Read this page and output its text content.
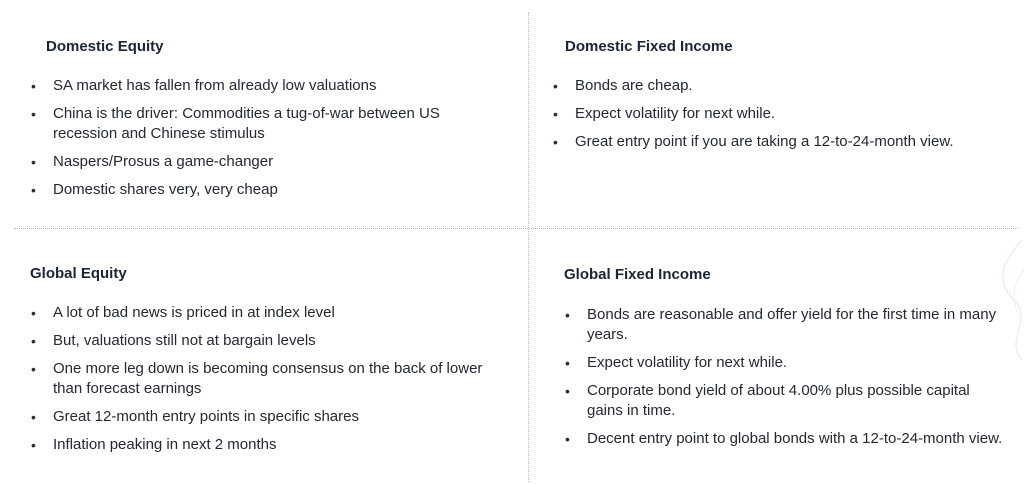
Domestic Equity
• SA market has fallen from already low valuations
• China is the driver: Commodities a tug-of-war between US recession and Chinese stimulus
• Naspers/Prosus a game-changer
• Domestic shares very, very cheap
Domestic Fixed Income
• Bonds are cheap.
• Expect volatility for next while.
• Great entry point if you are taking a 12-to-24-month view.
Global Equity
• A lot of bad news is priced in at index level
• But, valuations still not at bargain levels
• One more leg down is becoming consensus on the back of lower than forecast earnings
• Great 12-month entry points in specific shares
• Inflation peaking in next 2 months
Global Fixed Income
• Bonds are reasonable and offer yield for the first time in many years.
• Expect volatility for next while.
• Corporate bond yield of about 4.00% plus possible capital gains in time.
• Decent entry point to global bonds with a 12-to-24-month view.
